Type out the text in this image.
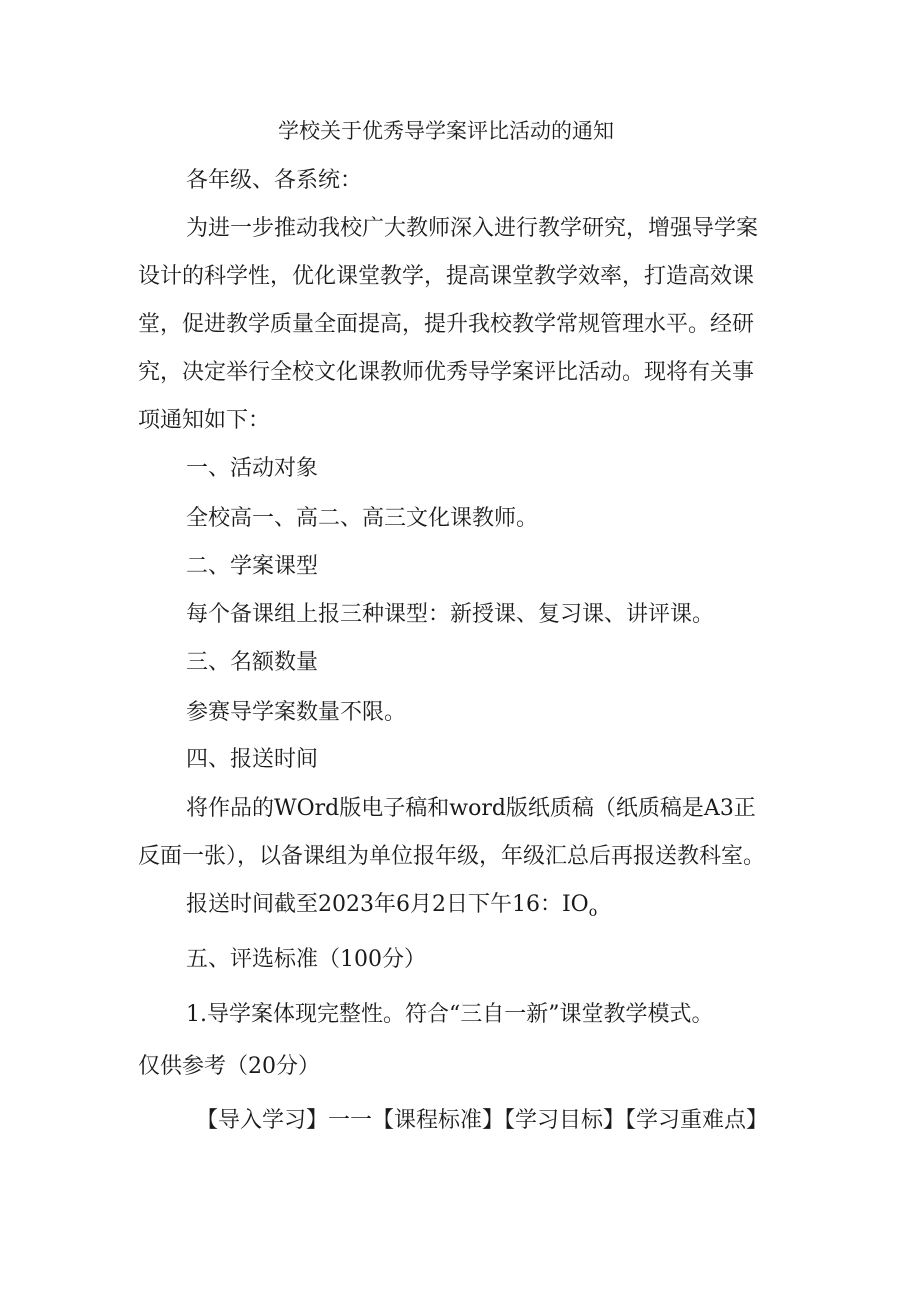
学校关于优秀导学案评比活动的通知
各年级、各系统：
为进一步推动我校广大教师深入进行教学研究，增强导学案
设计的科学性，优化课堂教学，提高课堂教学效率，打造高效课
堂，促进教学质量全面提高，提升我校教学常规管理水平。经研
究，决定举行全校文化课教师优秀导学案评比活动。现将有关事
项通知如下：
一、活动对象
全校高一、高二、高三文化课教师。
二、学案课型
每个备课组上报三种课型：新授课、复习课、讲评课。
三、名额数量
参赛导学案数量不限。
四、报送时间
将作品的WOrd版电子稿和word版纸质稿（纸质稿是A3正
反面一张），以备课组为单位报年级，年级汇总后再报送教科室。
报送时间截至2023年6月2日下午16：$IO_o$
五、评选标准（100分）
1.导学案体现完整性。符合“三自一新”课堂教学模式。
仅供参考（20分）
【导入学习】一一【课程标准】【学习目标】【学习重难点】
